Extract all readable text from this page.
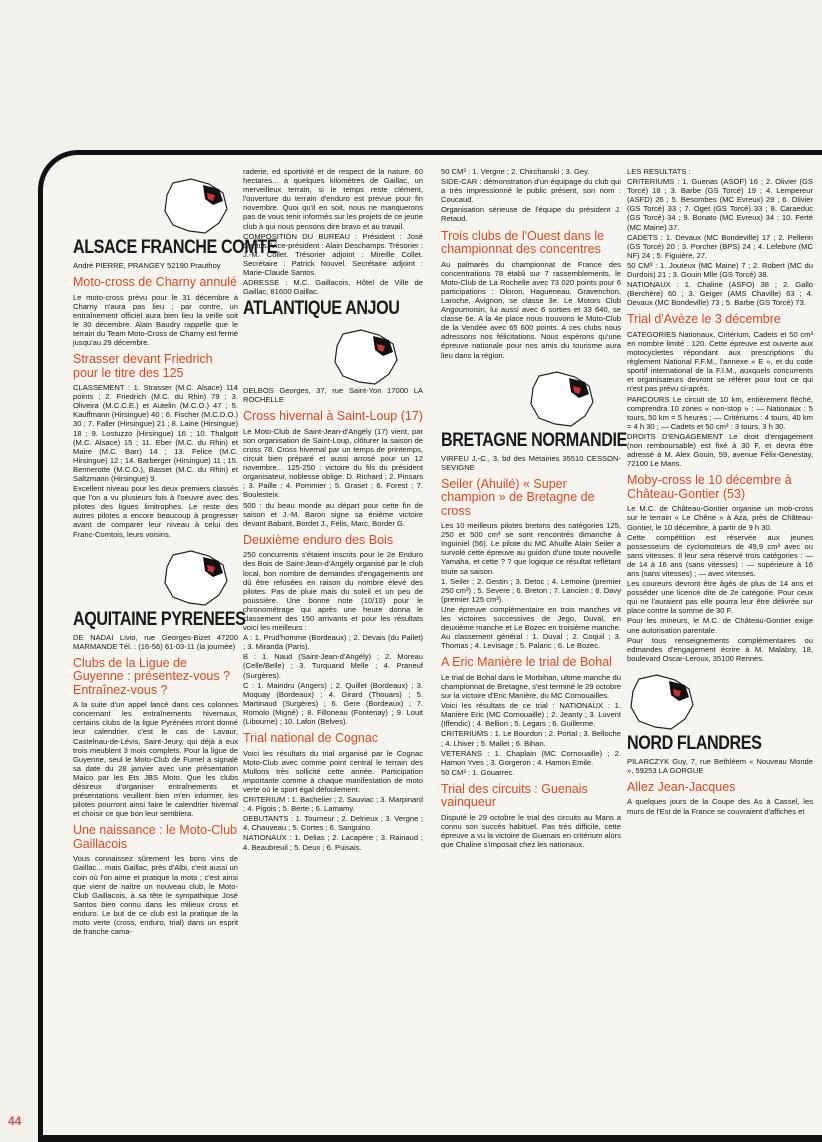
ALSACE FRANCHE COMTE
André PIERRE, PRANGEY 52190 Prauthoy
Moto-cross de Charny annulé

Le moto-cross prévu pour le 31 décembre à Charny n'aura pas lieu ; par contre, un entraînement officiel aura bien lieu la veille soit le 30 décembre. Alain Baudry rappelle que le terrain du Team Moto-Cross de Charny est fermé jusqu'au 29 décembre.

Strasser devant Friedrich pour le titre des 125

CLASSEMENT : 1. Strasser (M.C. Alsace) 114 points ; 2. Friedrich (M.C. du Rhin) 79 ; 3. Oliveira (M.C.C.E.) et Autelin (M.C.O.) 47 ; 5. Kauffmann (Hirsingue) 40 ; 6. Fischer (M.C.D.O.) 30 ; 7. Faller (Hirsingue) 21 ; 8. Laine (Hirsingue) 18 ; 9. Lostuzzo (Hirsingue) 16 ; 10. Thalgott (M.C. Alsace) 15 ; 11. Eber (M.C. du Rhin) et Maire (M.C. Barr) 14 ; 13. Felice (M.C. Hirsingue) 12 ; 14. Barberger (Hirsingue) 11 ; 15. Bennerotte (M.C.O.), Basset (M.C. du Rhin) et Saltzmann (Hirsingue) 9.

Excellent niveau pour les deux premiers classés que l'on a vu plusieurs fois à l'oeuvre avec des pilotes des ligues limitrophes. Le reste des autres pilotes a encore beaucoup à progresser avant de comparer leur niveau à celui des Franc-Comtois, leurs voisins.

AQUITAINE PYRENEES
DE NADAI Livio, rue Georges-Bizet 47200 MARMANDE Tél. : (16-56) 61-03-11 (la journée)
Clubs de la Ligue de Guyenne : présentez-vous ? Entraînez-vous ?

A la suite d'un appel lancé dans ces colonnes concernant les entraînements hivernaux, certains clubs de la ligue Pyrénées m'ont donné leur calendrier, c'est le cas de Lavaur, Castelnau-de-Lévis, Saint-Jeury, qui déjà à eux trois meublent 3 mois complets. Pour la ligue de Guyenne, seul le Moto-Club de Fumel a signalé sa date du 28 janvier avec une présentation Maico par les Ets JBS Moto. Que les clubs désireux d'organiser entraînements et présentations veuillent bien m'en informer, les pilotes pourront ainsi faire le calendrier hivernal et choisir ce que bon leur semblera.

Une naissance : le Moto-Club Gaillacois

Vous connaissez sûrement les bons vins de Gaillac... mais Gaillac, près d'Albi, c'est aussi un coin où l'on aime et pratique la moto ; c'est ainsi que vient de naître un nouveau club, le Moto-Club Gaillacois, à sa tête le sympathique José Santos bien connu dans les milieux cross et enduro. Le but de ce club est la pratique de la moto verte (cross, enduro, trial) dans un esprit de franche cama-

raderie, ed sportivité et de respect de la nature. 60 hectares... à quelques kilomètres de Gaillac, un merveilleux terrain, si le temps reste clément, l'ouverture du terrain d'enduro est prévue pour fin novembre. Quoi qu'il en soit, nous ne manquerons pas de vous tenir informés sur les projets de ce jeune club à qui nous pensons dire bravo et au travail.

COMPOSITION DU BUREAU : Président : José Santos. Vice-président : Alain Deschamps. Trésorier : J.-M. Collet. Trésorier adjoint : Mireille Collet. Secrétaire : Patrick Nouvel. Secrétaire adjoint : Marie-Claude Santos.

ADRESSE : M.C. Gaillacois, Hôtel de Ville de Gaillac, 81600 Gaillac.

ATLANTIQUE ANJOU
DELBOS Georges, 37, rue Saint-Yon 17000 LA ROCHELLE
Cross hivernal à Saint-Loup (17)

Le Moto-Club de Saint-Jean-d'Angély (17) vient, par son organisation de Saint-Loup, clôturer la saison de cross 78. Cross hivernal par un temps de printemps, circuit bien préparé et aussi arrosé pour un 12 novembre... 125-250 : victoire du fils du président organisateur, noblesse oblige. D. Richard ; 2. Pinsars ; 3. Paille ; 4. Pommier ; 5. Graset ; 6. Forest ; 7. Boulesteix.

500 : du beau monde au départ pour cette fin de saison et J.-M. Baron signe sa énième victoire devant Babarit, Bordet J., Félis, Marc, Border G.

Deuxième enduro des Bois

250 concurrents s'étaient inscrits pour le 2e Enduro des Bois de Saint-Jean-d'Angély organisé par le club local, bon nombre de demandes d'engagements ont dû être refusées en raison du nombre élevé des pilotes. Pas de pluie mais du soleil et un peu de poussière. Une bonne note (10/10) pour le chronométrage qui après une heure donna le classement des 150 arrivants et pour les résultats voici les meilleurs :

A : 1. Prud'homme (Bordeaux) ; 2. Devais (du Pallet) ; 3. Miranda (Paris).

B : 1. Naud (Saint-Jean-d'Angély) ; 2. Moreau (Celle/Belle) ; 3. Turquand Melle ; 4. Praneuf (Surgères).

C : 1. Maindru (Angers) ; 2. Quillet (Bordeaux) ; 3. Moquay (Bordeaux) ; 4. Girard (Thouars) ; 5. Martinaud (Surgères) ; 6. Gere (Bordeaux) ; 7. Romolo (Migné) ; 8. Filloneau (Fontenay) ; 9. Louit (Libourne) ; 10. Lafon (Belves).

Trial national de Cognac

Voici les résultats du trial organisé par le Cognac Moto-Club avec comme point central le terrain des Mullons très sollicité cette année. Participation importante comme à chaque manifestation de moto verte où le sport égal défoulement.

CRITERIUM : 1. Bachelier ; 2. Sauviac ; 3. Marpinard ; 4. Pigois ; 5. Berte ; 6. Lamamy.

DEBUTANTS : 1. Tourneur ; 2. Delrieux ; 3. Vergne ; 4. Chauveau ; 5. Cortes ; 6. Sanguino.

NATIONAUX : 1. Delias ; 2. Lacapère ; 3. Rainaud ; 4. Beaubreuil ; 5. Deux ; 6. Puisais.

50 CM³ : 1. Vergne ; 2. Chirchanski ; 3. Gey.

SIDE-CAR : démonstration d'un équipage du club qui a très impressionné le public présent, son nom : Coucaud.

Organisation sérieuse de l'équipe du président J. Retaud.

Trois clubs de l'Ouest dans le championnat des concentres

Au palmarès du championnat de France des concentrations 78 établi sur 7 rassemblements, le Moto-Club de La Rochelle avec 73 020 points pour 6 participations : Oloron, Hagueneau, Gravenchon, Laroche, Avignon, se classe 3e. Le Motors Club Angoumoisin, lui aussi avec 6 sorties et 33 640, se classe 6e. A la 4e place nous trouvons le Moto-Club de la Vendée avec 65 600 points. A ces clubs nous adressons nos félicitations. Nous espérons qu'une épreuve nationale pour nos amis du tourisme aura lieu dans la région.

BRETAGNE NORMANDIE
VIRFEU J.-C., 3, bd des Métairies 35510 CESSON-SEVIGNE
Seiler (Ahuilé) « Super champion » de Bretagne de cross

Les 10 meilleurs pilotes bretons des catégories 125, 250 et 500 cm³ se sont rencontrés dimanche à Inguiniel (56). Le pilote du MC Ahuille Alain Seiler a survolé cette épreuve au guidon d'une toute nouvelle Yamaha, et cette ? ? que logique ce résultat reflétant toute sa saison.

1. Seiler ; 2. Gestin ; 3. Detoc ; 4. Lemoine (premier 250 cm³) ; 5. Severe ; 6. Breton ; 7. Lancien ; 8. Davy (premier 125 cm³).

Une épreuve complémentaire en trois manches vit les victoires successives de Jego, Duval, en deuxième manche et Le Bozec en troisième manche. Au classement général : 1. Duval ; 2. Coquil ; 3. Thomas ; 4. Levisage ; 5. Palaric ; 6. Le Bozec.

A Eric Manière le trial de Bohal

Le trial de Bohal dans le Morbihan, ultime manche du championnat de Bretagne, s'est terminé le 29 octobre sur la victoire d'Eric Manière, du MC Cornouailles.

Voici les résultats de ce trial : NATIONAUX : 1. Manière Eric (MC Cornouaille) ; 2. Jeanty ; 3. Luvent (Iffendic) ; 4. Bellion ; 5. Legars ; 6. Guillerme.

CRITERIUMS : 1. Le Bourdon ; 2. Portal ; 3. Belloche ; 4. Lhiver ; 5. Mallet ; 6. Bihan.

VETERANS : 1. Chaplain (MC Cornouaille) ; 2. Hamon Yves ; 3. Gorgeron ; 4. Hamon Emile.

50 CM³ : 1. Gouarrec.

Trial des circuits : Guenais vainqueur

Disputé le 29 octobre le trial des circuits au Mans a connu son succès habituel. Pas très difficile, cette épreuve a vu la victoire de Guenais en critérium alors que Chaline s'imposait chez les nationaux.

LES RESULTATS :

CRITERIUMS : 1. Guenas (ASOF) 16 ; 2. Olivier (GS Torcé) 18 ; 3. Barbe (GS Torcé) 19 ; 4. Lempereur (ASFD) 26 ; 5. Besombes (MC Evreux) 29 ; 6. Olivier (GS Torcé) 33 ; 7. Oget (GS Torcé) 33 ; 8. Caraeduc (GS Torcé) 34 ; 9. Bonato (MC Evreux) 34 ; 10. Ferté (MC Maine) 37.

CADETS : 1. Devaux (MC Bondeville) 17 ; 2. Pellerin (GS Torcé) 20 ; 3. Porcher (BPS) 24 ; 4. Lefebvre (MC NF) 24 ; 5. Figuière, 27.

50 CM³ : 1. Jouteux (MC Maine) 7 ; 2. Robert (MC du Durdois) 21 ; 3. Gouin Mlle (GS Torcé) 38.

NATIONAUX : 1. Chaline (ASFO) 38 ; 2. Gallo (Berchère) 60 ; 3. Geiger (AMS Chaville) 63 ; 4. Devaux (MC Bondeville) 73 ; 5. Barbe (GS Torcé) 73.

Trial d'Avèze le 3 décembre

CATEGORIES Nationaux, Critérium, Cadets et 50 cm³ en nombre limité : 120. Cette épreuve est ouverte aux motocyclettes répondant aux prescriptions du règlement National F.F.M., l'annexe « E », et du code sportif international de la F.I.M., auxquels concurrents et organisateurs devront se référer pour tout ce qui n'est pas prévu ci-après.

PARCOURS Le circuit de 10 km, entièrement fléché, comprendra 10 zones « non-stop » : — Nationaux : 5 tours, 50 km = 5 heures ; — Critériums : 4 tours, 40 km = 4 h 30 ; — Cadets et 50 cm³ : 3 tours, 3 h 30.

DROITS D'ENGAGEMENT Le droit d'engagement (non remboursable) est fixé à 30 F, et devra être adressé à M. Alex Gouin, 59, avenue Félix-Genestay, 72100 Le Mans.

Moby-cross le 10 décembre à Château-Gontier (53)

Le M.C. de Château-Gontier organise un mob-cross sur le terrain « Le Chêne » à Aza, près de Château-Gontier, le 10 décembre, à partir de 9 h 30.

Cette compétition est réservée aux jeunes possesseurs de cyclomoteurs de 49,9 cm³ avec ou sans vitesses. Il leur sera réservé trois catégories : — de 14 à 16 ans (sans vitesses) : — supérieure à 16 ans (sans vitesses) ; — avec vitesses.

Les coureurs devront être âgés de plus de 14 ans et posséder une licence dite de 2e catégorie. Pour ceux qui ne l'auraient pas elle pourra leur être délivrée sur place contre la somme de 30 F.

Pour les mineurs, le M.C. de Château-Gontier exige une autorisation parentale.

Pour tous renseignements complémentaires ou edmandes d'engagement écrire à M. Malabry, 18, boulevard Oscar-Leroux, 35100 Rennes.

NORD FLANDRES
PILARCZYK Guy, 7, rue Bethléem « Nouveau Monde », 59253 LA GORGUE
Allez Jean-Jacques

A quelques jours de la Coupe des As à Cassel, les murs de l'Est de la France se couvraient d'affiches et

44
